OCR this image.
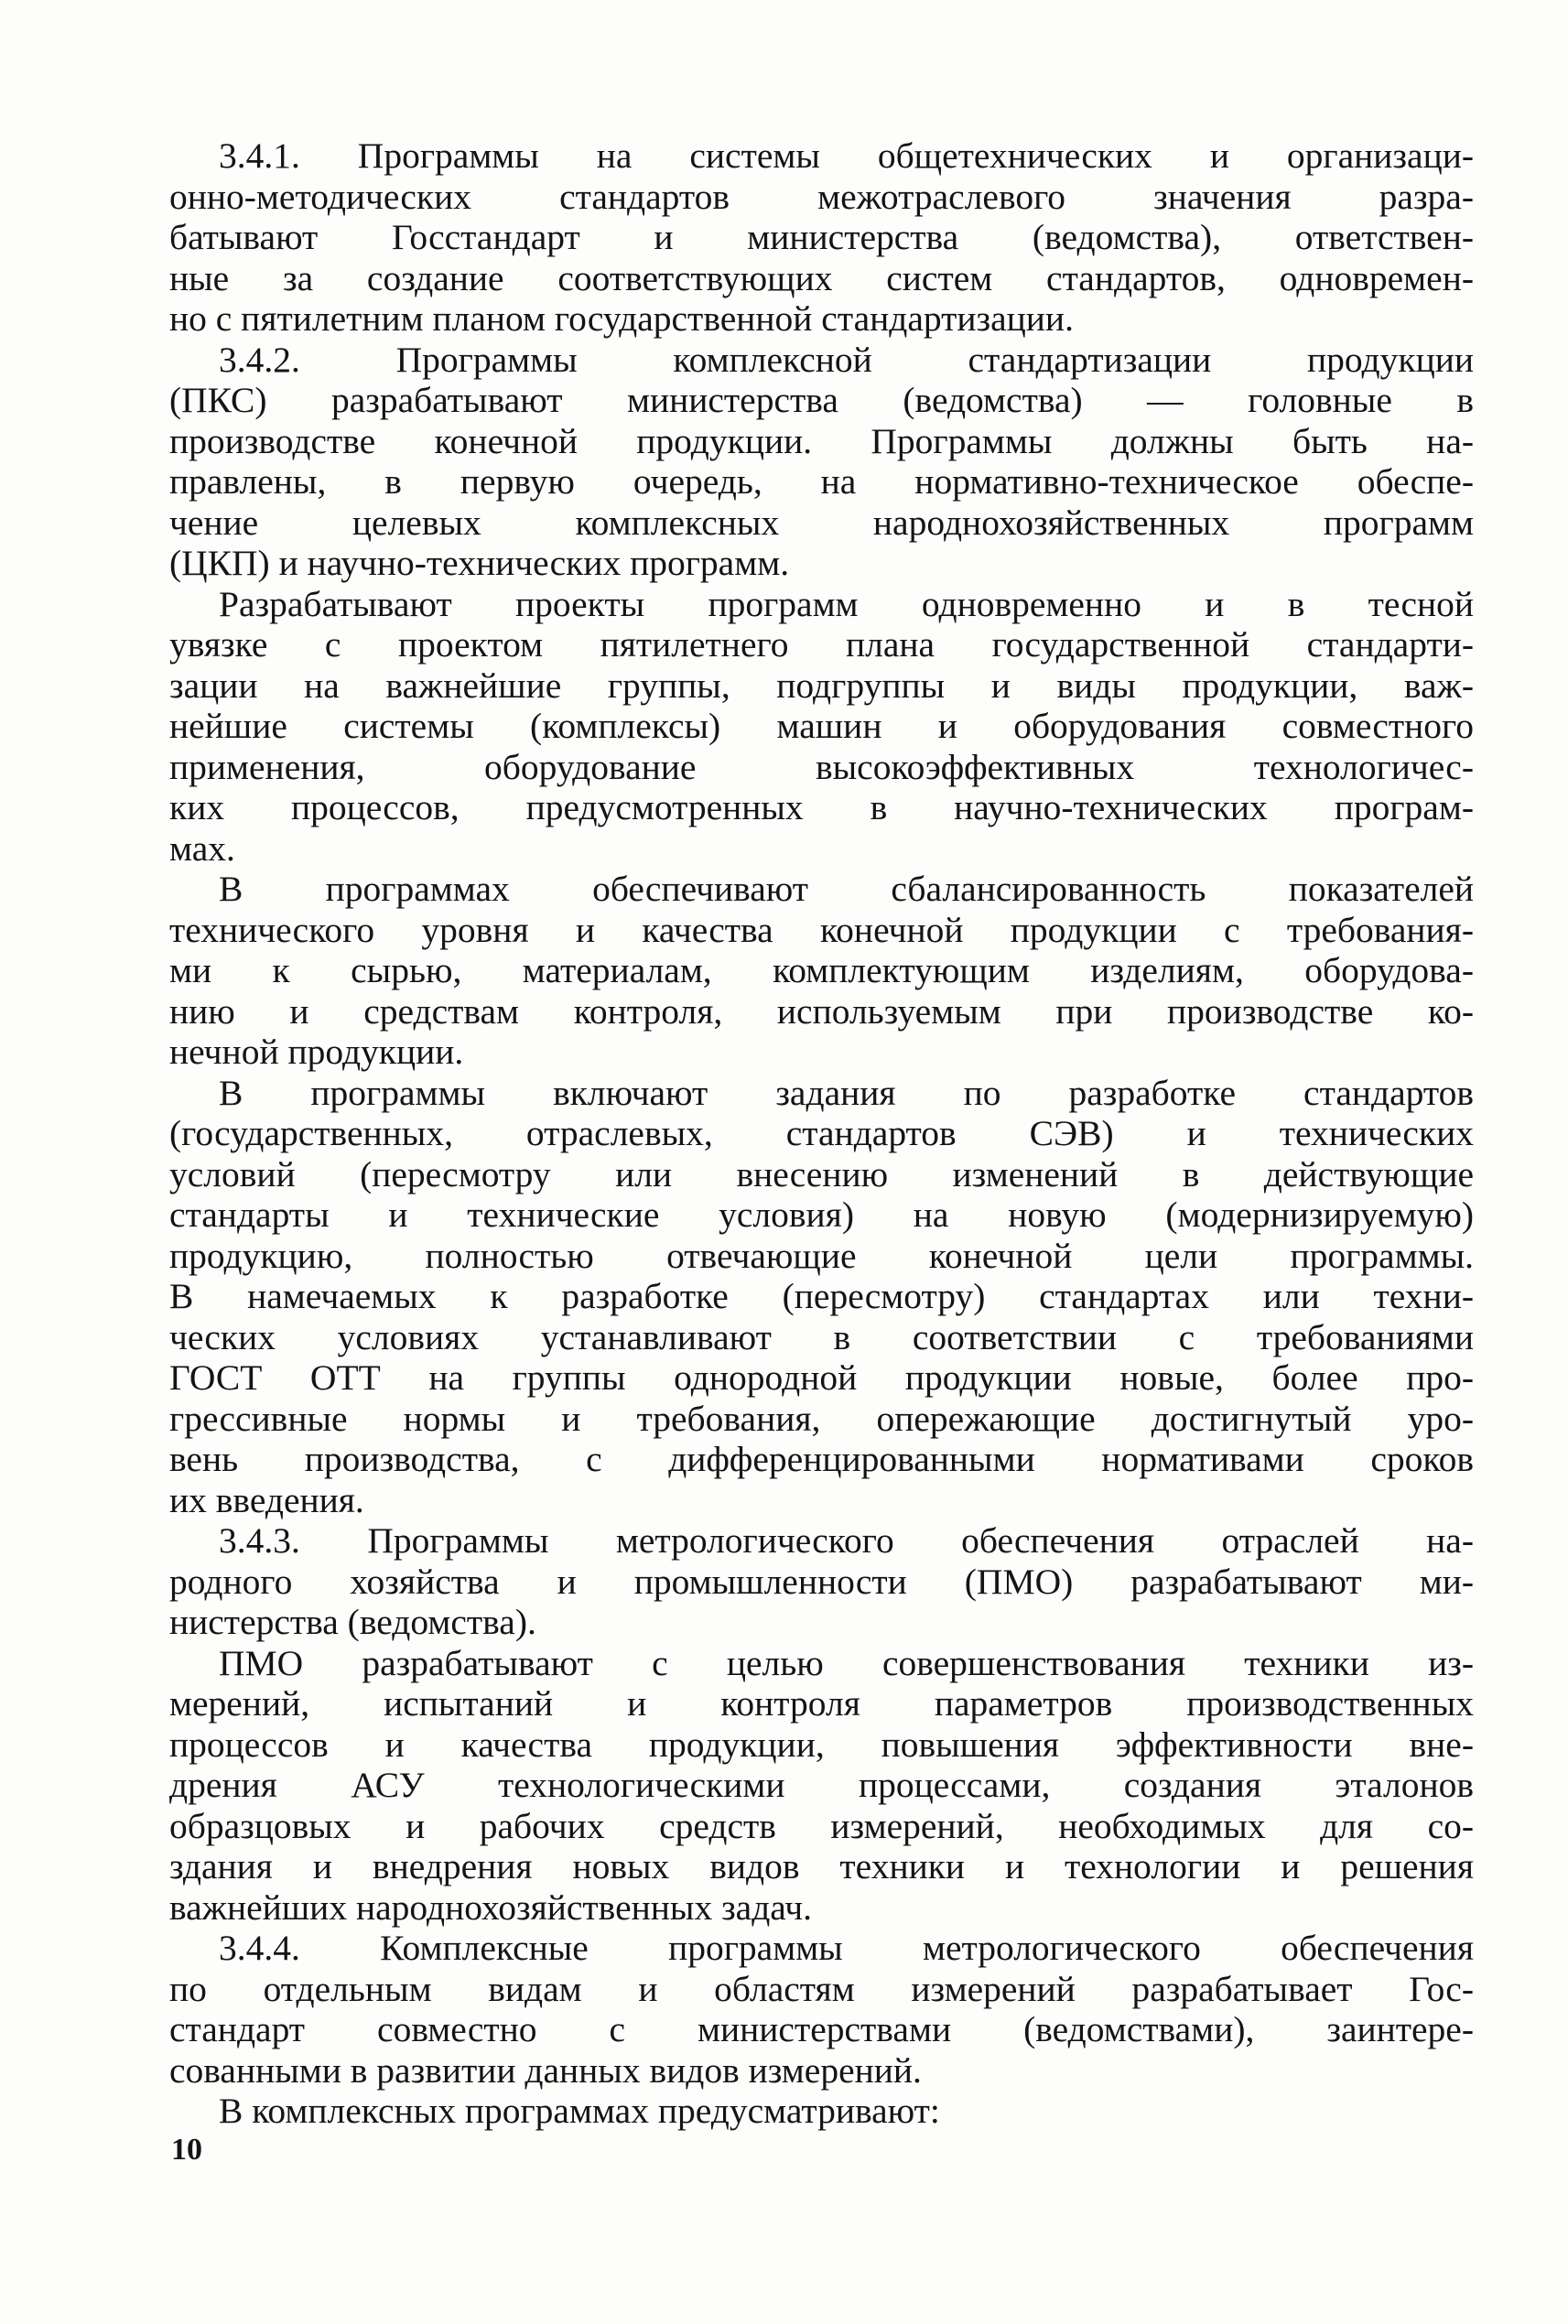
3.4.1. Программы на системы общетехнических и организаци-
онно-методических стандартов межотраслевого значения разра-
батывают Госстандарт и министерства (ведомства), ответствен-
ные за создание соответствующих систем стандартов, одновремен-
но с пятилетним планом государственной стандартизации.
3.4.2. Программы комплексной стандартизации продукции
(ПКС) разрабатывают министерства (ведомства) — головные в
производстве конечной продукции. Программы должны быть на-
правлены, в первую очередь, на нормативно-техническое обеспе-
чение целевых комплексных народнохозяйственных программ
(ЦКП) и научно-технических программ.
Разрабатывают проекты программ одновременно и в тесной
увязке с проектом пятилетнего плана государственной стандарти-
зации на важнейшие группы, подгруппы и виды продукции, важ-
нейшие системы (комплексы) машин и оборудования совместного
применения, оборудование высокоэффективных технологичес-
ких процессов, предусмотренных в научно-технических програм-
мах.
В программах обеспечивают сбалансированность показателей
технического уровня и качества конечной продукции с требования-
ми к сырью, материалам, комплектующим изделиям, оборудова-
нию и средствам контроля, используемым при производстве ко-
нечной продукции.
В программы включают задания по разработке стандартов
(государственных, отраслевых, стандартов СЭВ) и технических
условий (пересмотру или внесению изменений в действующие
стандарты и технические условия) на новую (модернизируемую)
продукцию, полностью отвечающие конечной цели программы.
В намечаемых к разработке (пересмотру) стандартах или техни-
ческих условиях устанавливают в соответствии с требованиями
ГОСТ ОТТ на группы однородной продукции новые, более про-
грессивные нормы и требования, опережающие достигнутый уро-
вень производства, с дифференцированными нормативами сроков
их введения.
3.4.3. Программы метрологического обеспечения отраслей на-
родного хозяйства и промышленности (ПМО) разрабатывают ми-
нистерства (ведомства).
ПМО разрабатывают с целью совершенствования техники из-
мерений, испытаний и контроля параметров производственных
процессов и качества продукции, повышения эффективности вне-
дрения АСУ технологическими процессами, создания эталонов
образцовых и рабочих средств измерений, необходимых для со-
здания и внедрения новых видов техники и технологии и решения
важнейших народнохозяйственных задач.
3.4.4. Комплексные программы метрологического обеспечения
по отдельным видам и областям измерений разрабатывает Гос-
стандарт совместно с министерствами (ведомствами), заинтере-
сованными в развитии данных видов измерений.
В комплексных программах предусматривают:
10
